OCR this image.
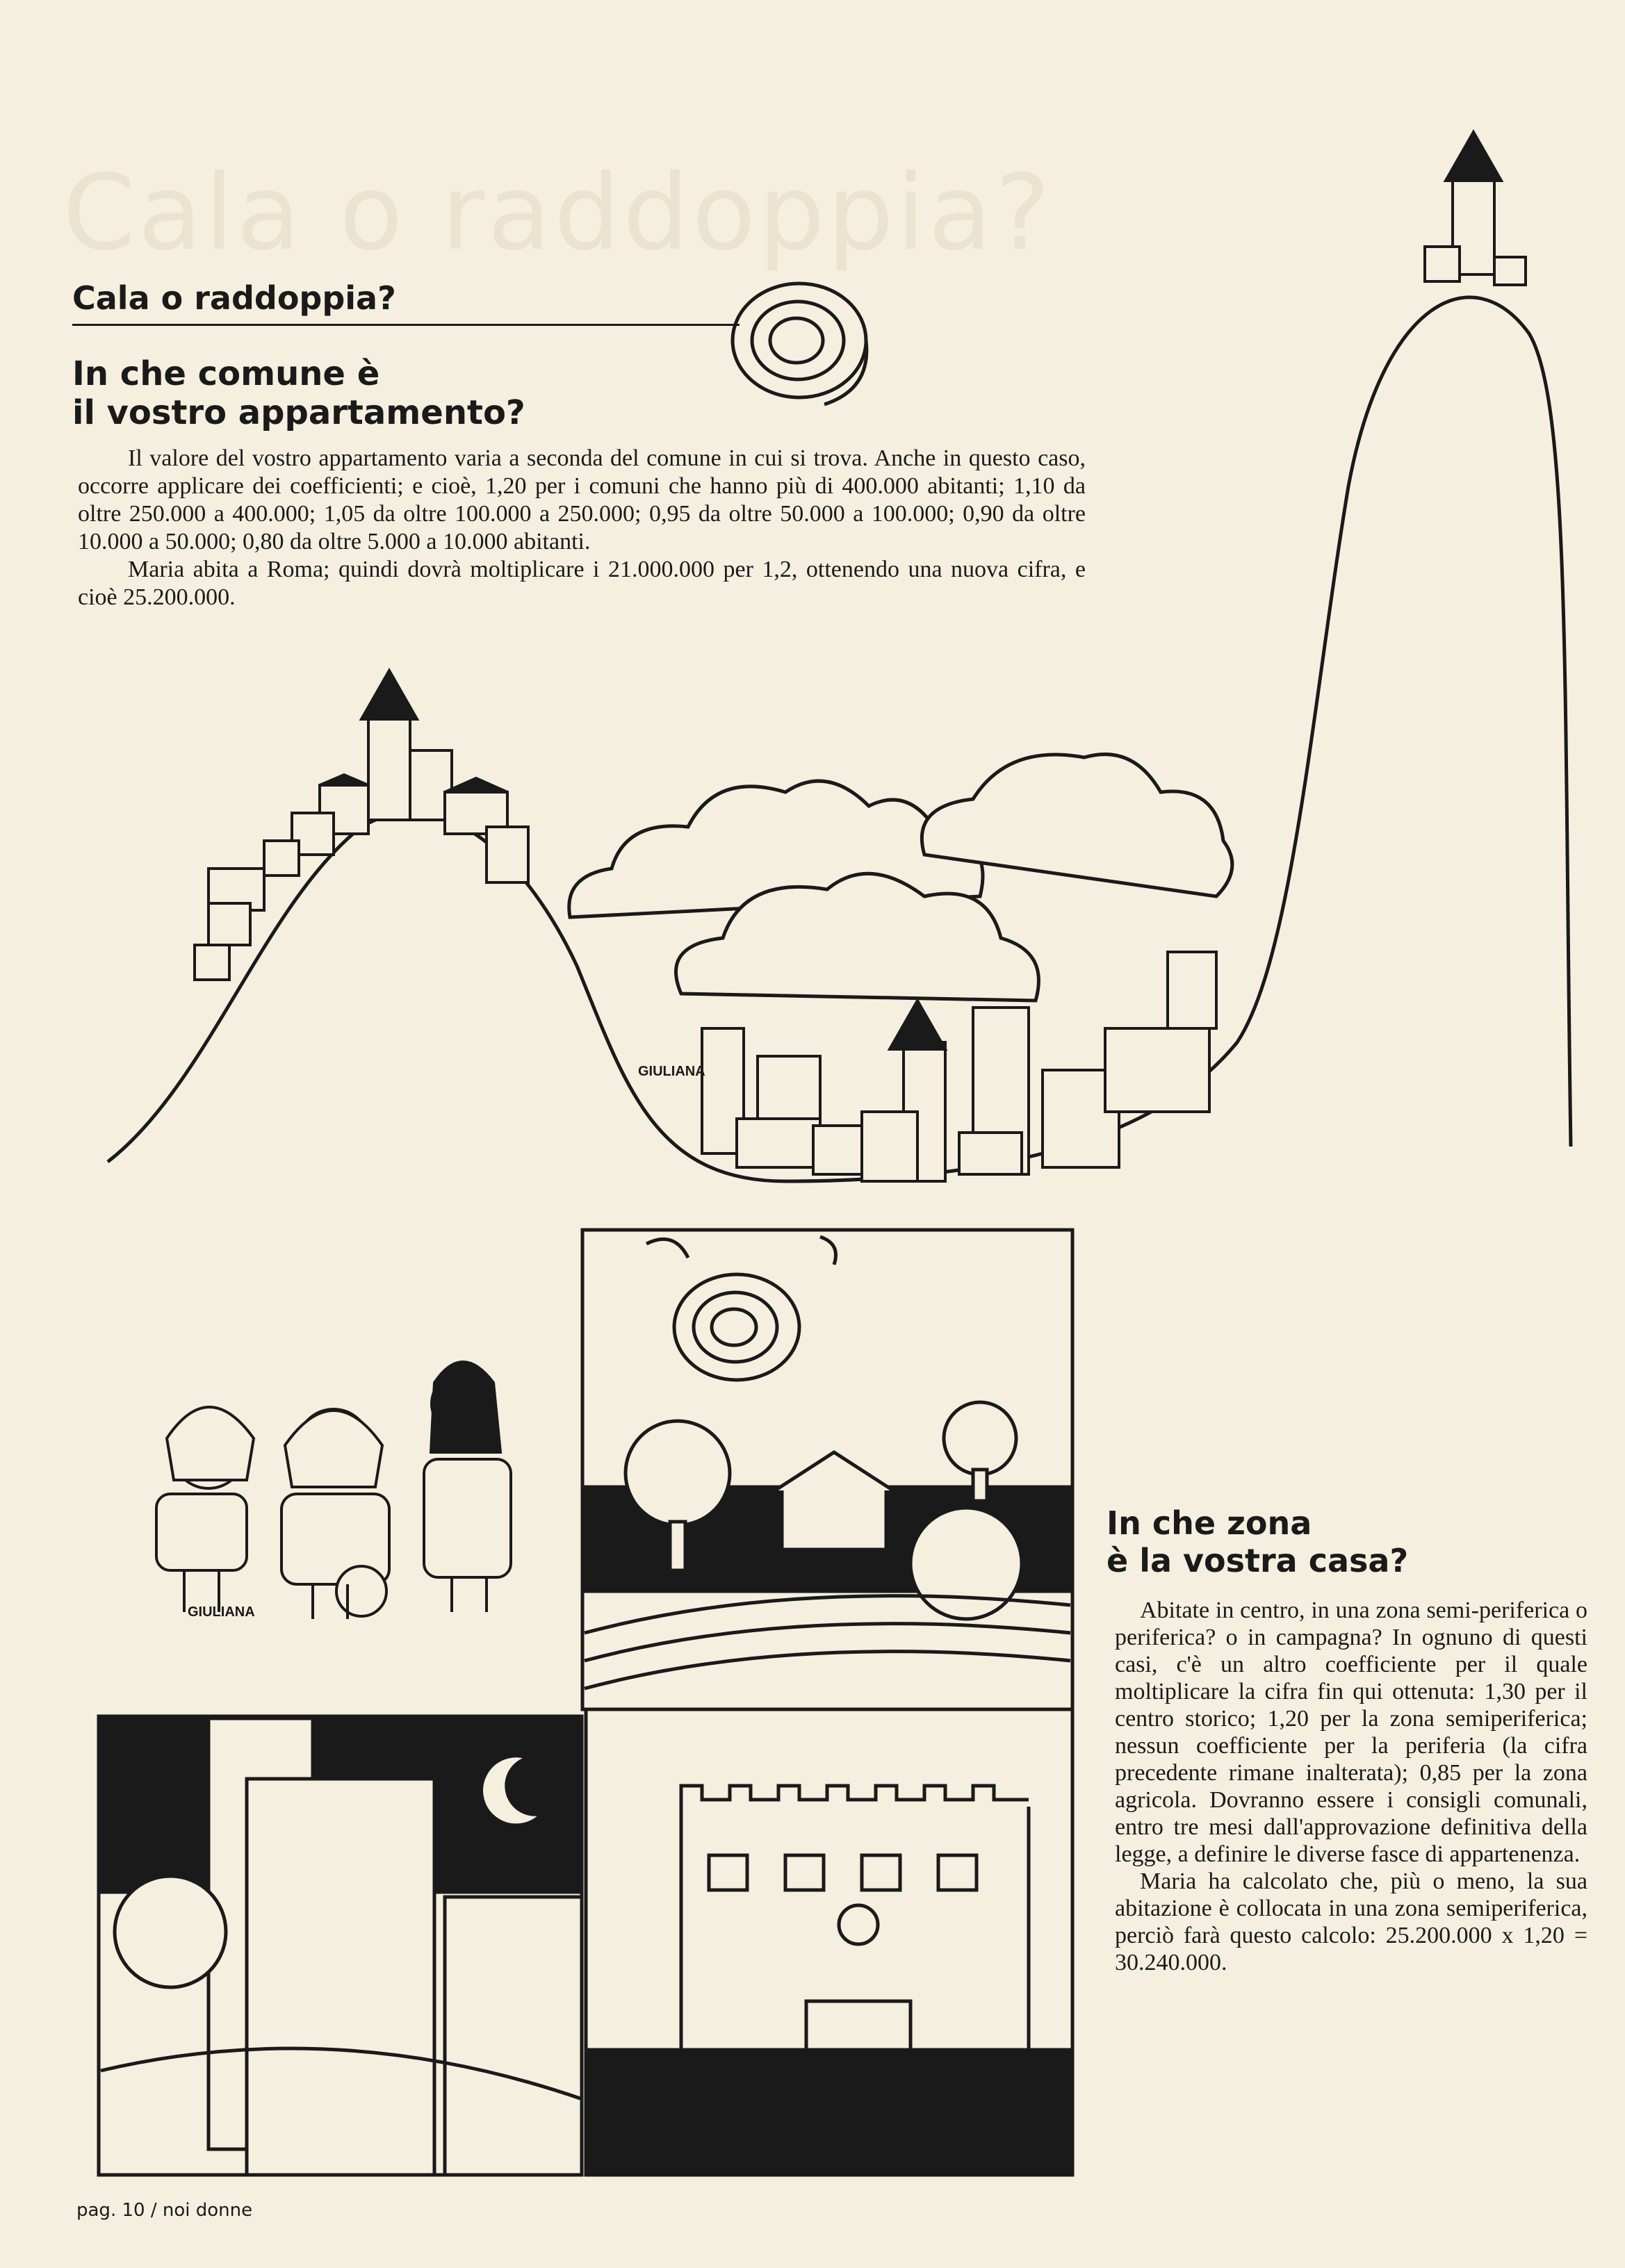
Cala o raddoppia?
Cala o raddoppia?
In che comune è
il vostro appartamento?

Il valore del vostro appartamento varia a seconda del comune in cui si trova. Anche in questo caso, occorre applicare dei coefficienti; e cioè, 1,20 per i comuni che hanno più di 400.000 abitanti; 1,10 da oltre 250.000 a 400.000; 1,05 da oltre 100.000 a 250.000; 0,95 da oltre 50.000 a 100.000; 0,90 da oltre 10.000 a 50.000; 0,80 da oltre 5.000 a 10.000 abitanti.

Maria abita a Roma; quindi dovrà moltiplicare i 21.000.000 per 1,2, ottenendo una nuova cifra, e cioè 25.200.000.

GIULIANA
GIULIANA
In che zona
è la vostra casa?

Abitate in centro, in una zona semi-periferica o periferica? o in campagna? In ognuno di questi casi, c'è un altro coefficiente per il quale moltiplicare la cifra fin qui ottenuta: 1,30 per il centro storico; 1,20 per la zona semiperiferica; nessun coefficiente per la periferia (la cifra precedente rimane inalterata); 0,85 per la zona agricola. Dovranno essere i consigli comunali, entro tre mesi dall'approvazione definitiva della legge, a definire le diverse fasce di appartenenza.

Maria ha calcolato che, più o meno, la sua abitazione è collocata in una zona semiperiferica, perciò farà questo calcolo: 25.200.000 x 1,20 = 30.240.000.

pag. 10 / noi donne
